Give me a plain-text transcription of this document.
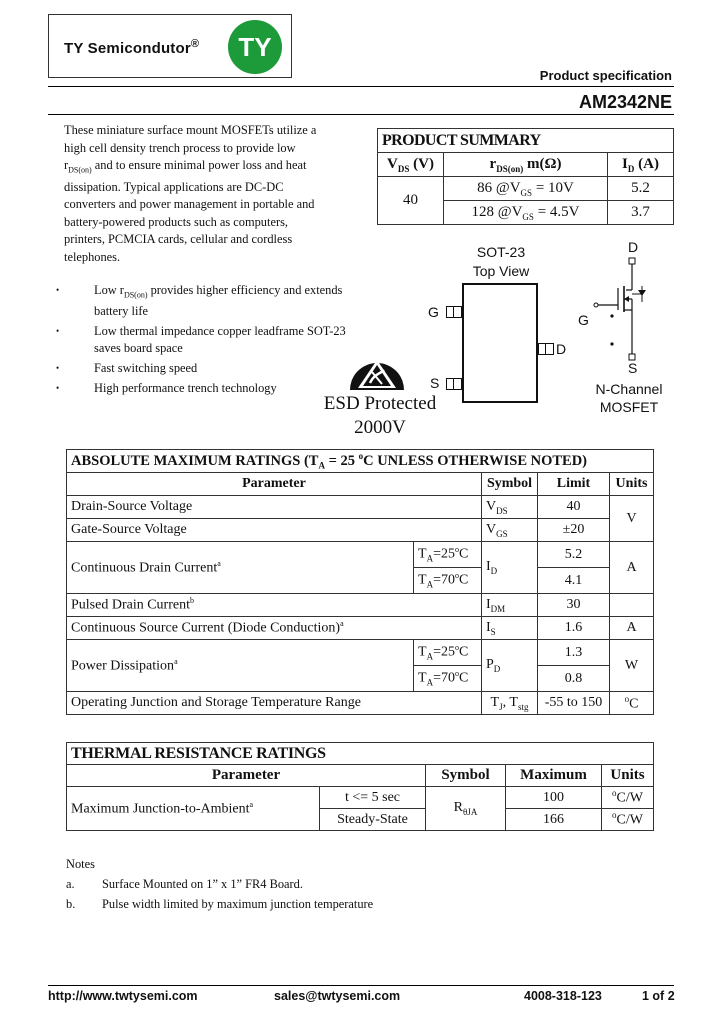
TY Semicondutor®	TY
Product specification
AM2342NE
These miniature surface mount MOSFETs utilize a
high cell density trench process to provide low
$r_{DS(on)}$ and to ensure minimal power loss and heat
dissipation. Typical applications are DC-DC
converters and power management in portable and
battery-powered products such as computers,
printers, PCMCIA cards, cellular and cordless
telephones.
• Low $r_{DS(on)}$ provides higher efficiency and extends battery life
• Low thermal impedance copper leadframe SOT-23 saves board space
• Fast switching speed
• High performance trench technology
PRODUCT SUMMARY		
$V_{DS}$ (V)	$r_{DS(on)}$ m(Ω)	$I_D$ (A)
40	86 $@V_{GS} = 10V$	5.2
	128 $@V_{GS} = 4.5V$	3.7
SOT-23
Top View
G
S
D
ESD Protected
2000V
D
G
S
N-Channel
MOSFET
ABSOLUTE MAXIMUM RATINGS ($T_A = 25$ $^o$C UNLESS OTHERWISE NOTED)				
Parameter		Symbol	Limit	Units
Drain-Source Voltage		$V_{DS}$	40	V
Gate-Source Voltage		$V_{GS}$	±20	
Continuous Drain Current$^a$	$T_A=25^oC$	$I_D$	5.2	A
	$T_A=70^oC$		4.1	
Pulsed Drain Current$^b$		$I_{DM}$	30	
Continuous Source Current (Diode Conduction)$^a$		$I_S$	1.6	A
Power Dissipation$^a$	$T_A=25^oC$	$P_D$	1.3	W
	$T_A=70^oC$		0.8	
Operating Junction and Storage Temperature Range		$T_J$, $T_{stg}$	-55 to 150	$^o$C
THERMAL RESISTANCE RATINGS				
Parameter		Symbol	Maximum	Units
Maximum Junction-to-Ambient$^a$	t <= 5 sec	$R_{\theta JA}$	100	$^o$C/W
	Steady-State		166	$^o$C/W
Notes
a. Surface Mounted on 1” x 1” FR4 Board.
b. Pulse width limited by maximum junction temperature
http://www.twtysemi.com	sales@twtysemi.com	4008-318-123	1 of 2
